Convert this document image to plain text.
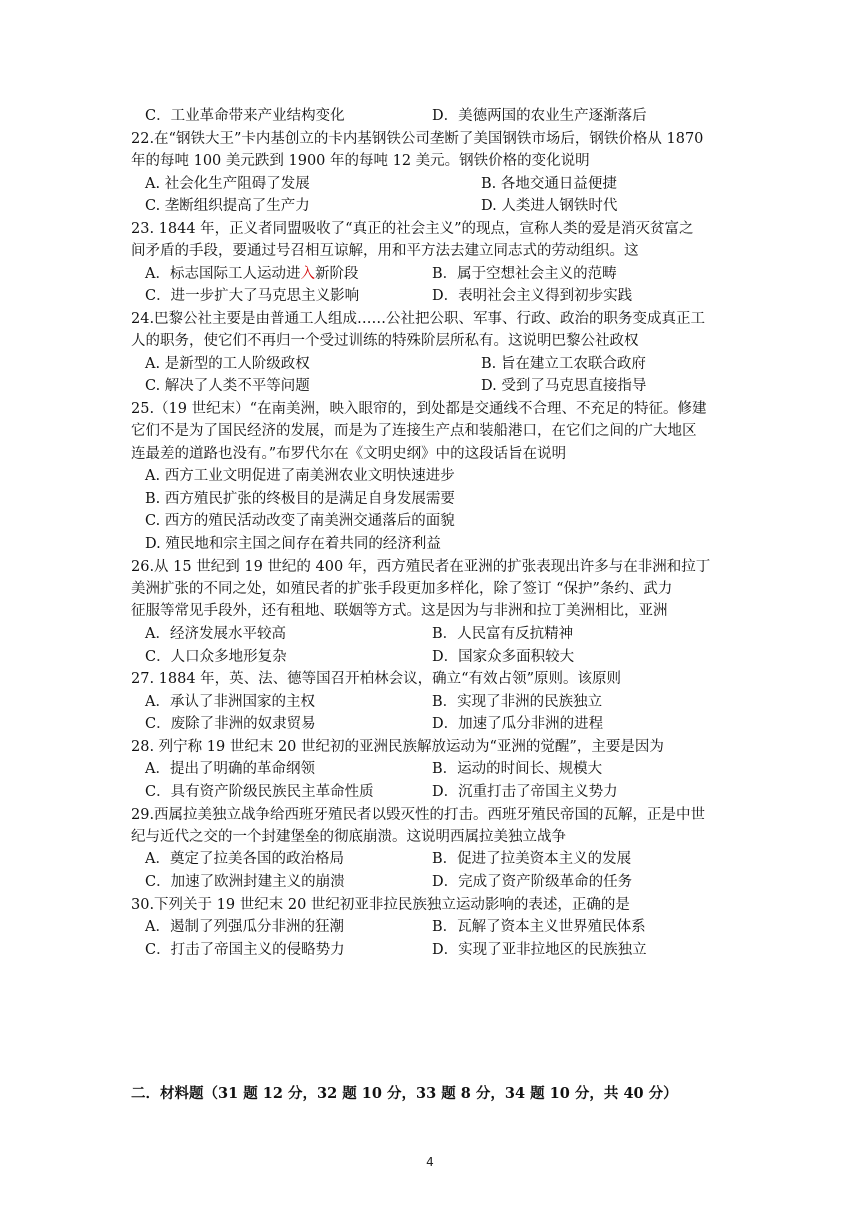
C．工业革命带来产业结构变化	D．美德两国的农业生产逐渐落后
22.在“钢铁大王”卡内基创立的卡内基钢铁公司垄断了美国钢铁市场后，钢铁价格从 1870
年的每吨 100 美元跌到 1900 年的每吨 12 美元。钢铁价格的变化说明
A. 社会化生产阻碍了发展	B. 各地交通日益便捷
C. 垄断组织提高了生产力	D. 人类进人钢铁时代
23. 1844 年，正义者同盟吸收了“真正的社会主义”的现点，宣称人类的爱是消灭贫富之
间矛盾的手段，要通过号召相互谅解，用和平方法去建立同志式的劳动组织。这
A．标志国际工人运动进入新阶段	B．属于空想社会主义的范畴
C．进一步扩大了马克思主义影响	D．表明社会主义得到初步实践
24.巴黎公社主要是由普通工人组成……公社把公职、军事、行政、政治的职务变成真正工
人的职务，使它们不再归一个受过训练的特殊阶层所私有。这说明巴黎公社政权
A. 是新型的工人阶级政权	B. 旨在建立工农联合政府
C. 解决了人类不平等问题	D. 受到了马克思直接指导
25.（19 世纪末）“在南美洲，映入眼帘的，到处都是交通线不合理、不充足的特征。修建
它们不是为了国民经济的发展，而是为了连接生产点和装船港口，在它们之间的广大地区
连最差的道路也没有。”布罗代尔在《文明史纲》中的这段话旨在说明
A. 西方工业文明促进了南美洲农业文明快速进步
B. 西方殖民扩张的终极目的是满足自身发展需要
C. 西方的殖民活动改变了南美洲交通落后的面貌
D. 殖民地和宗主国之间存在着共同的经济利益
26.从 15 世纪到 19 世纪的 400 年，西方殖民者在亚洲的扩张表现出许多与在非洲和拉丁
美洲扩张的不同之处，如殖民者的扩张手段更加多样化，除了签订 “保护”条约、武力
征服等常见手段外，还有租地、联姻等方式。这是因为与非洲和拉丁美洲相比，亚洲
A．经济发展水平较高	B．人民富有反抗精神
C．人口众多地形复杂	D．国家众多面积较大
27. 1884 年，英、法、德等国召开柏林会议，确立“有效占领”原则。该原则
A．承认了非洲国家的主权	B．实现了非洲的民族独立
C．废除了非洲的奴隶贸易	D．加速了瓜分非洲的进程
28. 列宁称 19 世纪末 20 世纪初的亚洲民族解放运动为“亚洲的觉醒”，主要是因为
A．提出了明确的革命纲领	B．运动的时间长、规模大
C．具有资产阶级民族民主革命性质	D．沉重打击了帝国主义势力
29.西属拉美独立战争给西班牙殖民者以毁灭性的打击。西班牙殖民帝国的瓦解，正是中世
纪与近代之交的一个封建堡垒的彻底崩溃。这说明西属拉美独立战争
A．奠定了拉美各国的政治格局	B．促进了拉美资本主义的发展
C．加速了欧洲封建主义的崩溃	D．完成了资产阶级革命的任务
30.下列关于 19 世纪末 20 世纪初亚非拉民族独立运动影响的表述，正确的是
A．遏制了列强瓜分非洲的狂潮	B．瓦解了资本主义世界殖民体系
C．打击了帝国主义的侵略势力	D．实现了亚非拉地区的民族独立
二．材料题（31 题 12 分，32 题 10 分，33 题 8 分，34 题 10 分，共 40 分）
4
